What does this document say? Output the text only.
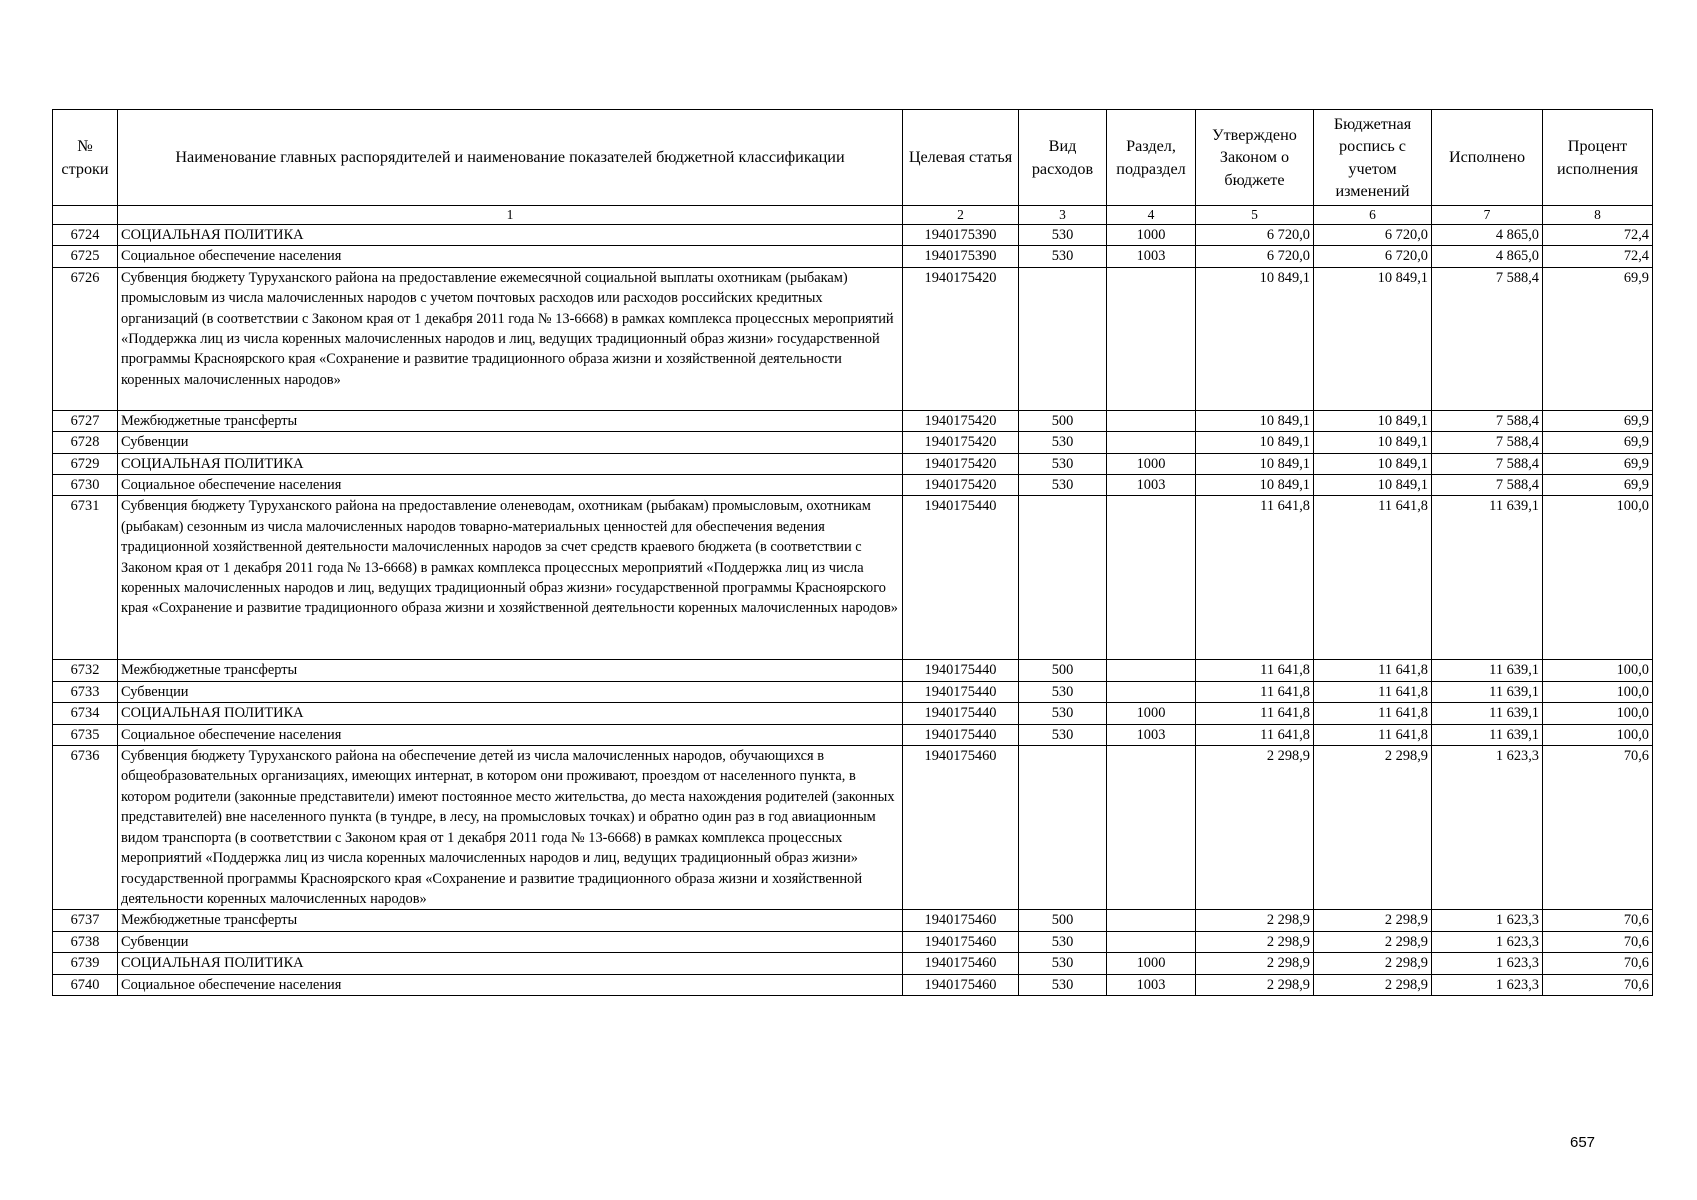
№ строки	Наименование главных распорядителей и наименование показателей бюджетной классификации	Целевая статья	Вид расходов	Раздел, подраздел	Утверждено Законом о бюджете	Бюджетная роспись с учетом изменений	Исполнено	Процент исполнения
	1	2	3	4	5	6	7	8
6724	СОЦИАЛЬНАЯ ПОЛИТИКА	1940175390	530	1000	6 720,0	6 720,0	4 865,0	72,4
6725	Социальное обеспечение населения	1940175390	530	1003	6 720,0	6 720,0	4 865,0	72,4
6726	Субвенция бюджету Туруханского района на предоставление ежемесячной социальной выплаты охотникам (рыбакам) промысловым из числа малочисленных народов с учетом почтовых расходов или расходов российских кредитных организаций (в соответствии с Законом края от 1 декабря 2011 года № 13-6668) в рамках комплекса процессных мероприятий «Поддержка лиц из числа коренных малочисленных народов и лиц, ведущих традиционный образ жизни» государственной программы Красноярского края «Сохранение и развитие традиционного образа жизни и хозяйственной деятельности коренных малочисленных народов»	1940175420			10 849,1	10 849,1	7 588,4	69,9
6727	Межбюджетные трансферты	1940175420	500		10 849,1	10 849,1	7 588,4	69,9
6728	Субвенции	1940175420	530		10 849,1	10 849,1	7 588,4	69,9
6729	СОЦИАЛЬНАЯ ПОЛИТИКА	1940175420	530	1000	10 849,1	10 849,1	7 588,4	69,9
6730	Социальное обеспечение населения	1940175420	530	1003	10 849,1	10 849,1	7 588,4	69,9
6731	Субвенция бюджету Туруханского района на предоставление оленеводам, охотникам (рыбакам) промысловым, охотникам (рыбакам) сезонным из числа малочисленных народов товарно-материальных ценностей для обеспечения ведения традиционной хозяйственной деятельности малочисленных народов за счет средств краевого бюджета (в соответствии с Законом края от 1 декабря 2011 года № 13-6668) в рамках комплекса процессных мероприятий «Поддержка лиц из числа коренных малочисленных народов и лиц, ведущих традиционный образ жизни» государственной программы Красноярского края «Сохранение и развитие традиционного образа жизни и хозяйственной деятельности коренных малочисленных народов»	1940175440			11 641,8	11 641,8	11 639,1	100,0
6732	Межбюджетные трансферты	1940175440	500		11 641,8	11 641,8	11 639,1	100,0
6733	Субвенции	1940175440	530		11 641,8	11 641,8	11 639,1	100,0
6734	СОЦИАЛЬНАЯ ПОЛИТИКА	1940175440	530	1000	11 641,8	11 641,8	11 639,1	100,0
6735	Социальное обеспечение населения	1940175440	530	1003	11 641,8	11 641,8	11 639,1	100,0
6736	Субвенция бюджету Туруханского района на обеспечение детей из числа малочисленных народов, обучающихся в общеобразовательных организациях, имеющих интернат, в котором они проживают, проездом от населенного пункта, в котором родители (законные представители) имеют постоянное место жительства, до места нахождения родителей (законных представителей) вне населенного пункта (в тундре, в лесу, на промысловых точках) и обратно один раз в год авиационным видом транспорта (в соответствии с Законом края от 1 декабря 2011 года № 13-6668) в рамках комплекса процессных мероприятий «Поддержка лиц из числа коренных малочисленных народов и лиц, ведущих традиционный образ жизни» государственной программы Красноярского края «Сохранение и развитие традиционного образа жизни и хозяйственной деятельности коренных малочисленных народов»	1940175460			2 298,9	2 298,9	1 623,3	70,6
6737	Межбюджетные трансферты	1940175460	500		2 298,9	2 298,9	1 623,3	70,6
6738	Субвенции	1940175460	530		2 298,9	2 298,9	1 623,3	70,6
6739	СОЦИАЛЬНАЯ ПОЛИТИКА	1940175460	530	1000	2 298,9	2 298,9	1 623,3	70,6
6740	Социальное обеспечение населения	1940175460	530	1003	2 298,9	2 298,9	1 623,3	70,6
657
